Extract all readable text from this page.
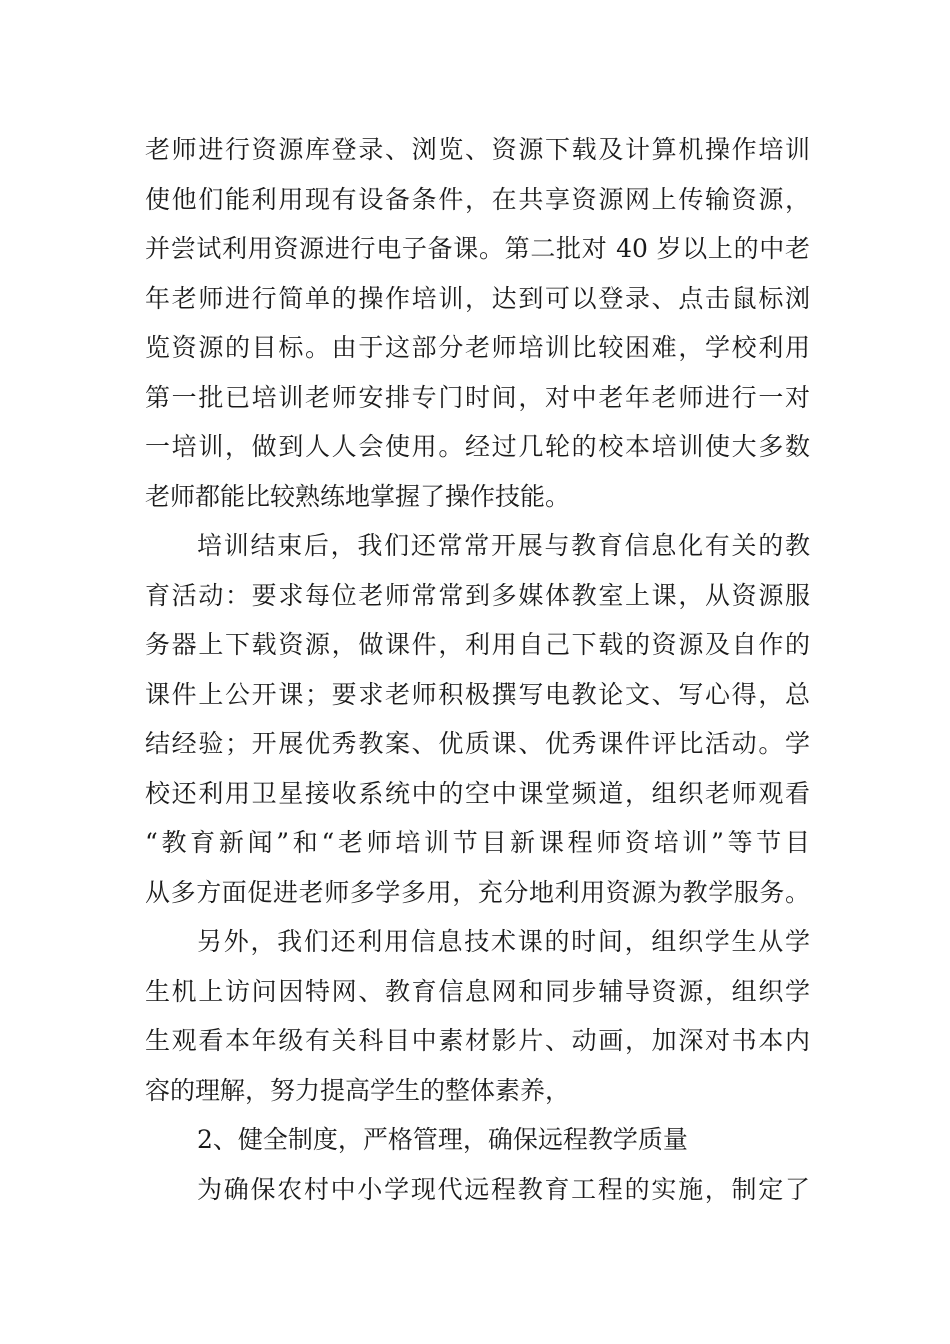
老师进行资源库登录、浏览、资源下载及计算机操作培训
使他们能利用现有设备条件，在共享资源网上传输资源，
并尝试利用资源进行电子备课。第二批对 40 岁以上的中老
年老师进行简单的操作培训，达到可以登录、点击鼠标浏
览资源的目标。由于这部分老师培训比较困难，学校利用
第一批已培训老师安排专门时间，对中老年老师进行一对
一培训，做到人人会使用。经过几轮的校本培训使大多数
老师都能比较熟练地掌握了操作技能。
培训结束后，我们还常常开展与教育信息化有关的教
育活动：要求每位老师常常到多媒体教室上课，从资源服
务器上下载资源，做课件，利用自己下载的资源及自作的
课件上公开课；要求老师积极撰写电教论文、写心得，总
结经验；开展优秀教案、优质课、优秀课件评比活动。学
校还利用卫星接收系统中的空中课堂频道，组织老师观看
“教育新闻”和“老师培训节目新课程师资培训”等节目
从多方面促进老师多学多用，充分地利用资源为教学服务。
另外，我们还利用信息技术课的时间，组织学生从学
生机上访问因特网、教育信息网和同步辅导资源，组织学
生观看本年级有关科目中素材影片、动画，加深对书本内
容的理解，努力提高学生的整体素养，
2、健全制度，严格管理，确保远程教学质量
为确保农村中小学现代远程教育工程的实施，制定了
